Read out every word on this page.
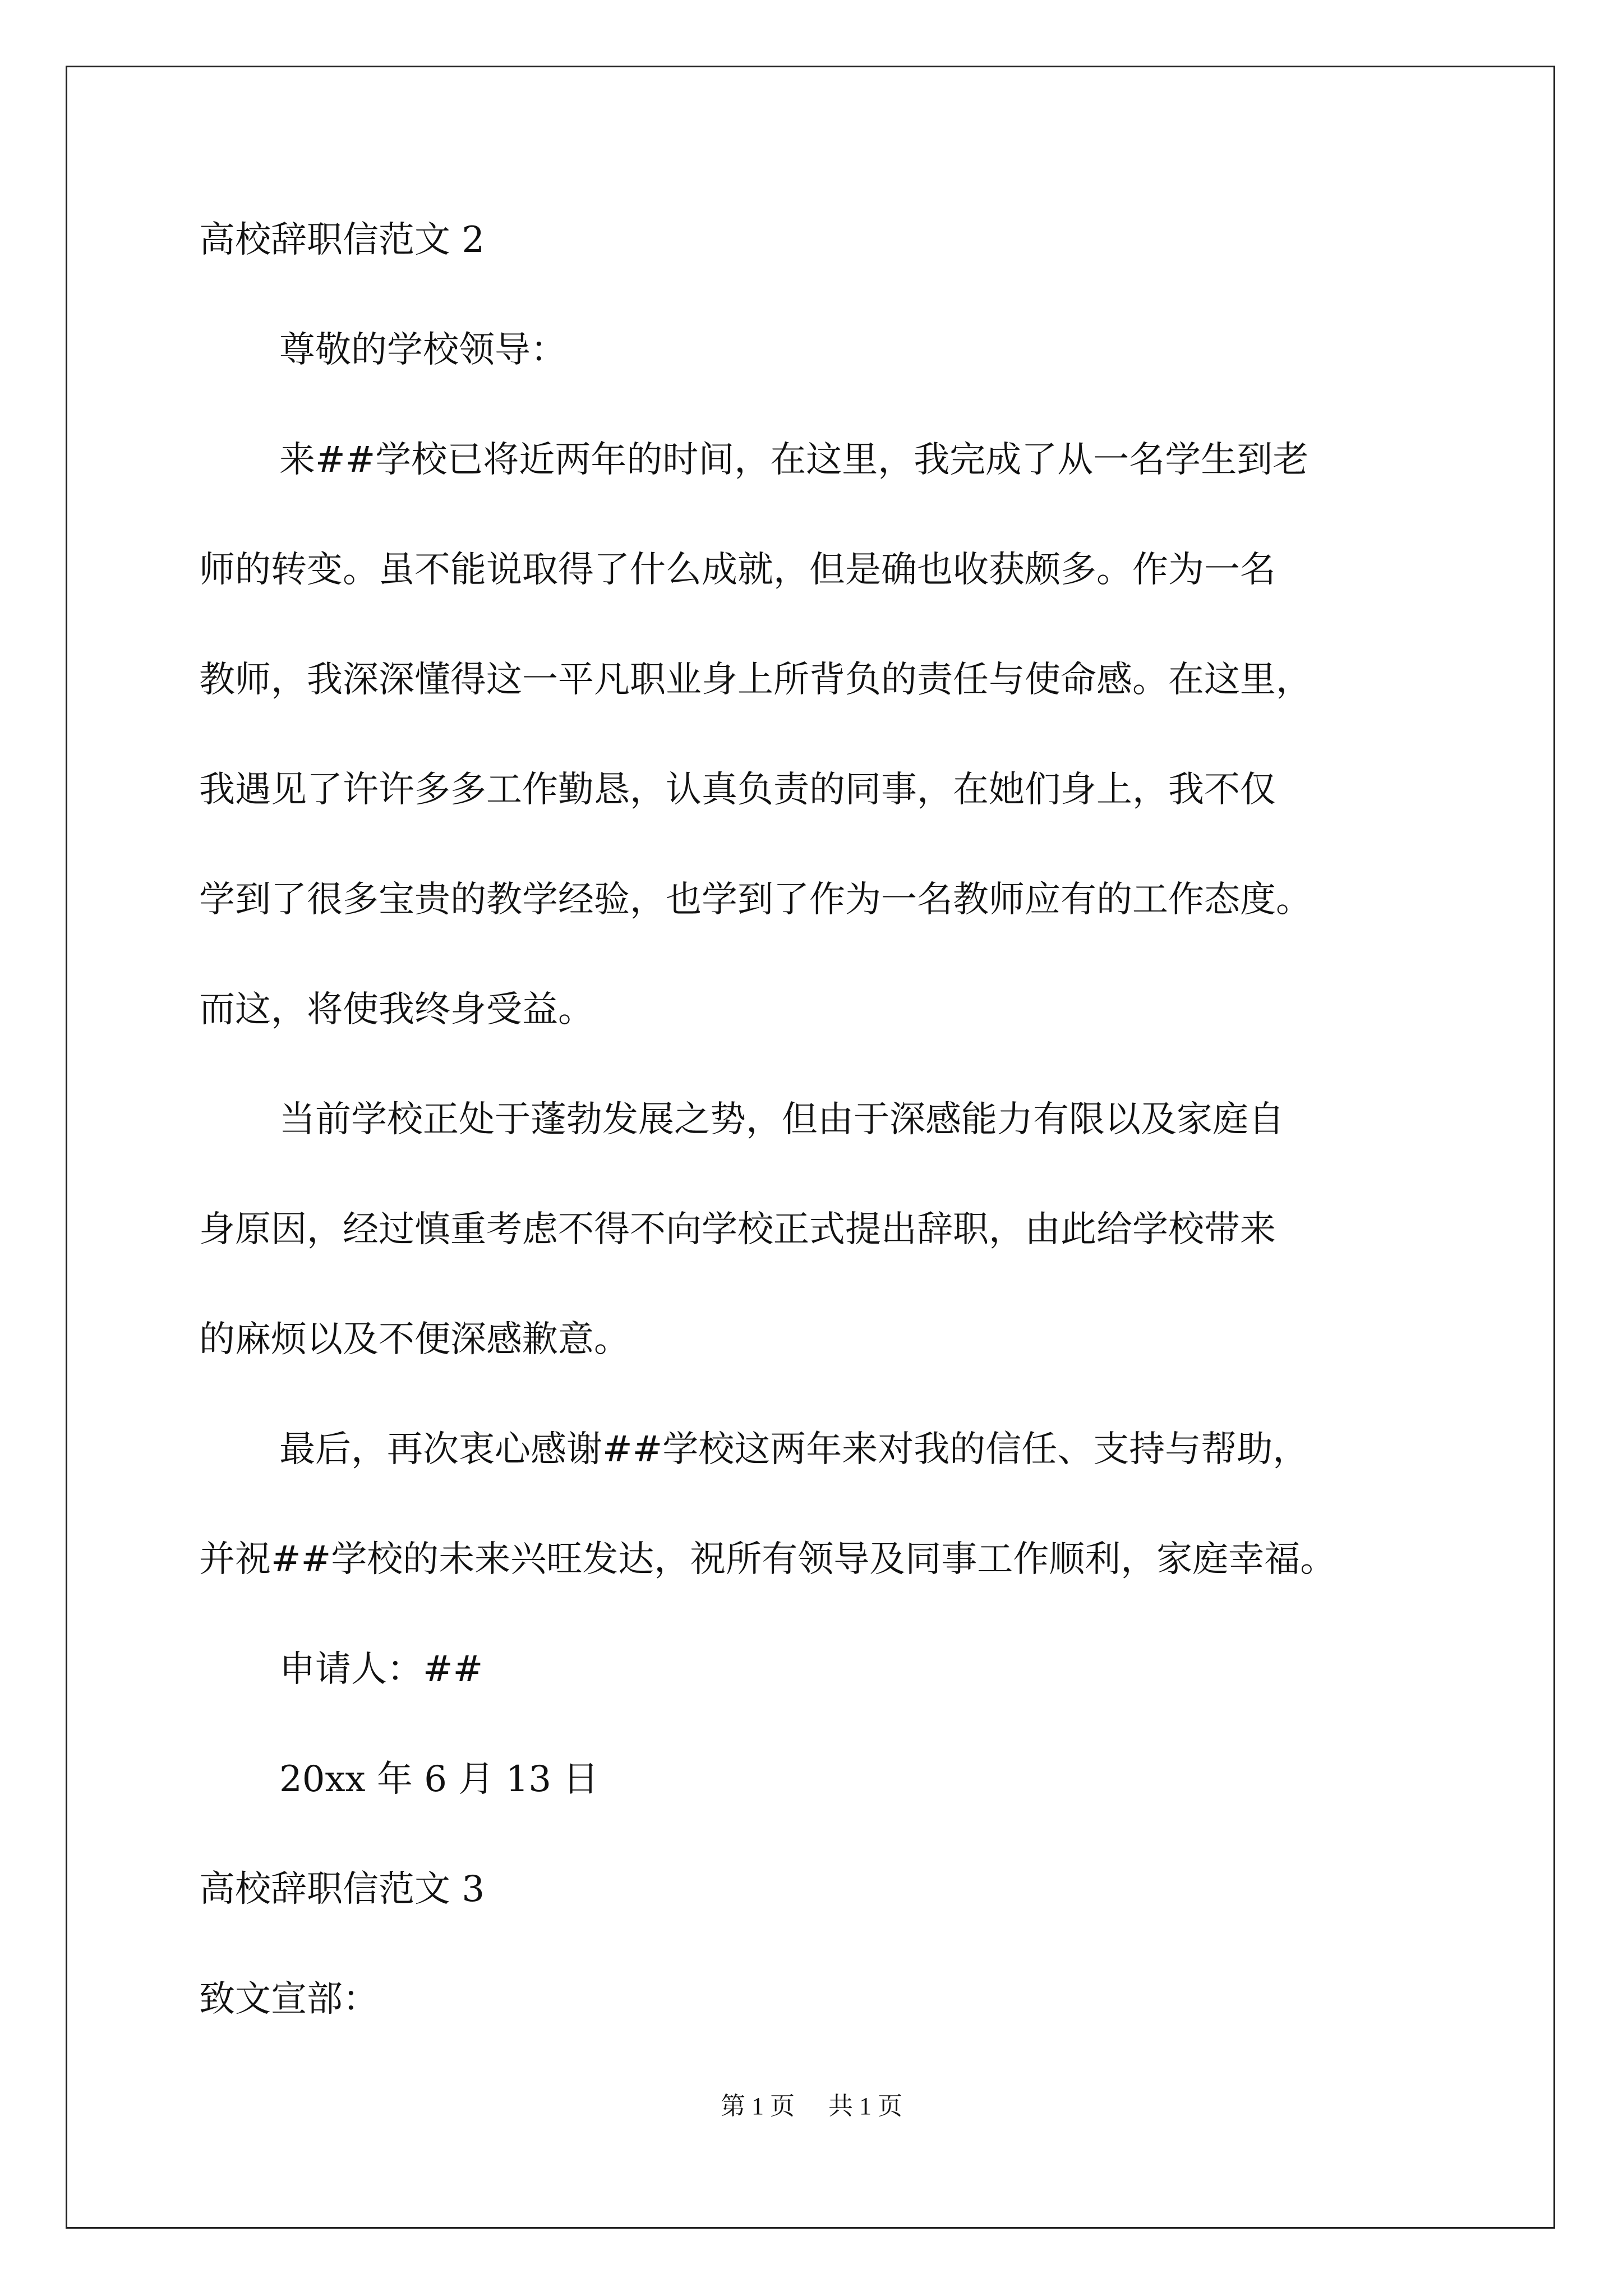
高校辞职信范文 2
尊敬的学校领导：
来##学校已将近两年的时间，在这里，我完成了从一名学生到老
师的转变。虽不能说取得了什么成就，但是确也收获颇多。作为一名
教师，我深深懂得这一平凡职业身上所背负的责任与使命感。在这里，
我遇见了许许多多工作勤恳，认真负责的同事，在她们身上，我不仅
学到了很多宝贵的教学经验，也学到了作为一名教师应有的工作态度。
而这，将使我终身受益。
当前学校正处于蓬勃发展之势，但由于深感能力有限以及家庭自
身原因，经过慎重考虑不得不向学校正式提出辞职，由此给学校带来
的麻烦以及不便深感歉意。
最后，再次衷心感谢##学校这两年来对我的信任、支持与帮助，
并祝##学校的未来兴旺发达，祝所有领导及同事工作顺利，家庭幸福。
申请人：##
20xx 年 6 月 13 日
高校辞职信范文 3
致文宣部：
第 1 页 共 1 页
